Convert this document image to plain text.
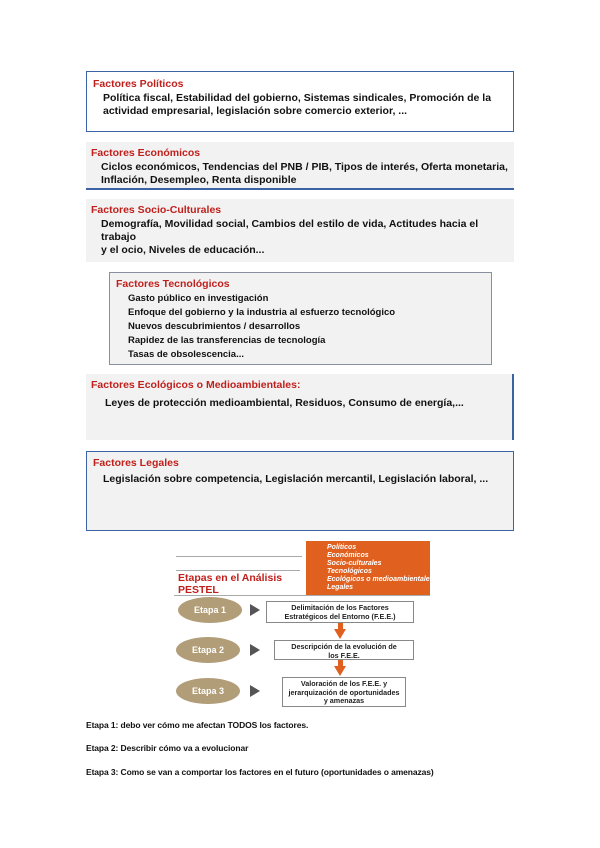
Factores Políticos
Política fiscal, Estabilidad del gobierno, Sistemas sindicales, Promoción de la
actividad empresarial, legislación sobre comercio exterior, ...
Factores Económicos
Ciclos económicos, Tendencias del PNB / PIB, Tipos de interés, Oferta monetaria,
Inflación, Desempleo, Renta disponible
Factores Socio-Culturales
Demografía, Movilidad social, Cambios del estilo de vida, Actitudes hacia el trabajo
y el ocio, Niveles de educación...
Factores Tecnológicos
Gasto público en investigación
Enfoque del gobierno y la industria al esfuerzo tecnológico
Nuevos descubrimientos / desarrollos
Rapidez de las transferencias de tecnología
Tasas de obsolescencia...
Factores Ecológicos o Medioambientales:
Leyes de protección medioambiental, Residuos, Consumo de energía,...
Factores Legales
Legislación sobre competencia, Legislación mercantil, Legislación laboral, ...
Etapas en el Análisis
PESTEL
Políticos
Económicos
Socio-culturales
Tecnológicos
Ecológicos o medioambientales
Legales
Etapa 1
Etapa 2
Etapa 3
Delimitación de los Factores
Estratégicos del Entorno (F.E.E.)
Descripción de la evolución de
los F.E.E.
Valoración de los F.E.E. y
jerarquización de oportunidades
y amenazas
Etapa 1: debo ver cómo me afectan TODOS los factores.
Etapa 2: Describir cómo va a evolucionar
Etapa 3: Como se van a comportar los factores en el futuro (oportunidades o amenazas)
